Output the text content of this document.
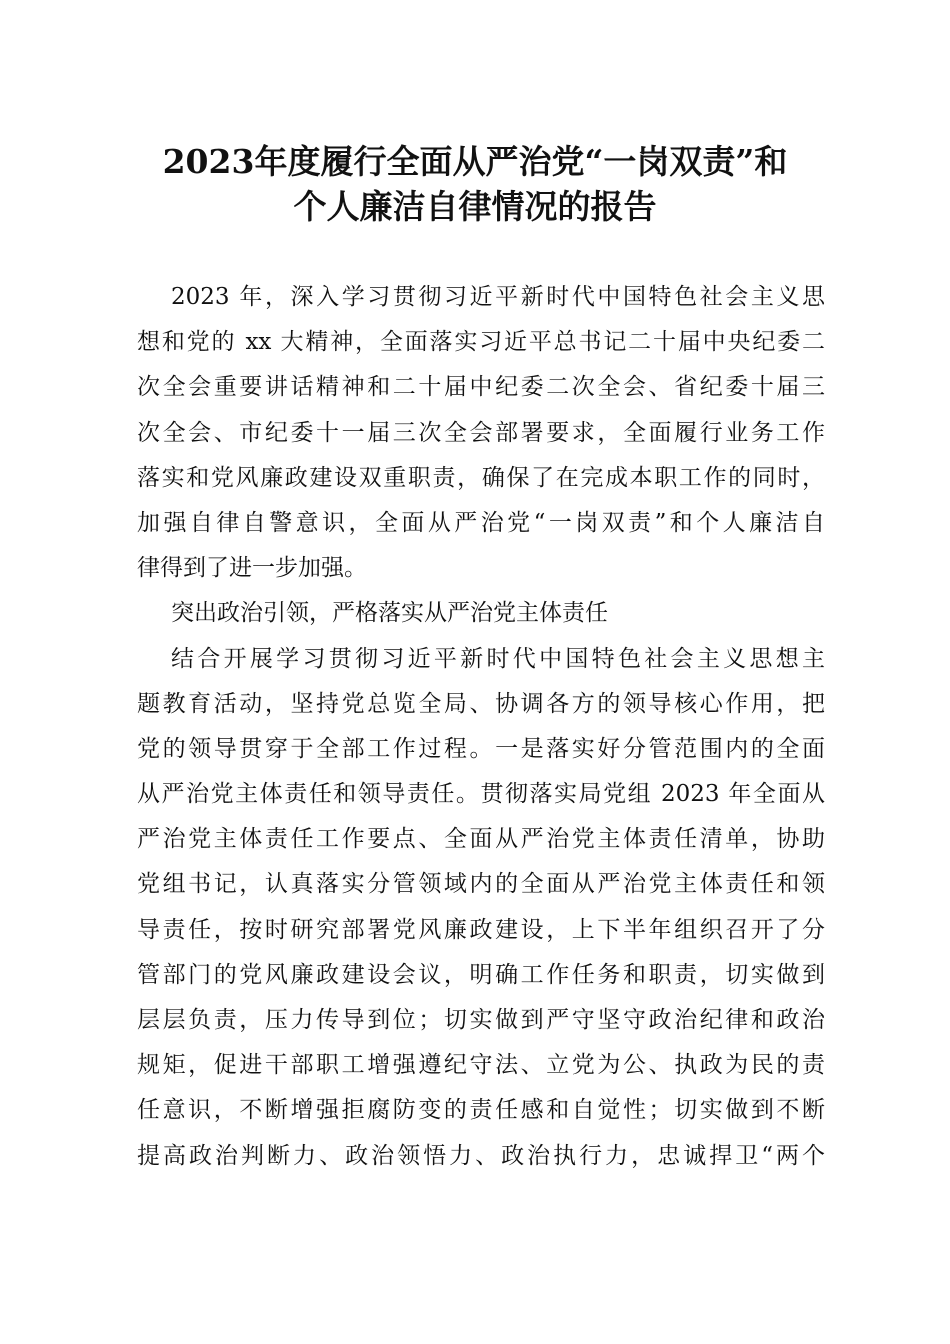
2023年度履行全面从严治党“一岗双责”和
个人廉洁自律情况的报告
2023 年，深入学习贯彻习近平新时代中国特色社会主义思
想和党的 xx 大精神，全面落实习近平总书记二十届中央纪委二
次全会重要讲话精神和二十届中纪委二次全会、省纪委十届三
次全会、市纪委十一届三次全会部署要求，全面履行业务工作
落实和党风廉政建设双重职责，确保了在完成本职工作的同时，
加强自律自警意识，全面从严治党“一岗双责”和个人廉洁自
律得到了进一步加强。
突出政治引领，严格落实从严治党主体责任
结合开展学习贯彻习近平新时代中国特色社会主义思想主
题教育活动，坚持党总览全局、协调各方的领导核心作用，把
党的领导贯穿于全部工作过程。一是落实好分管范围内的全面
从严治党主体责任和领导责任。贯彻落实局党组 2023 年全面从
严治党主体责任工作要点、全面从严治党主体责任清单，协助
党组书记，认真落实分管领域内的全面从严治党主体责任和领
导责任，按时研究部署党风廉政建设，上下半年组织召开了分
管部门的党风廉政建设会议，明确工作任务和职责，切实做到
层层负责，压力传导到位；切实做到严守坚守政治纪律和政治
规矩，促进干部职工增强遵纪守法、立党为公、执政为民的责
任意识，不断增强拒腐防变的责任感和自觉性；切实做到不断
提高政治判断力、政治领悟力、政治执行力，忠诚捍卫“两个
